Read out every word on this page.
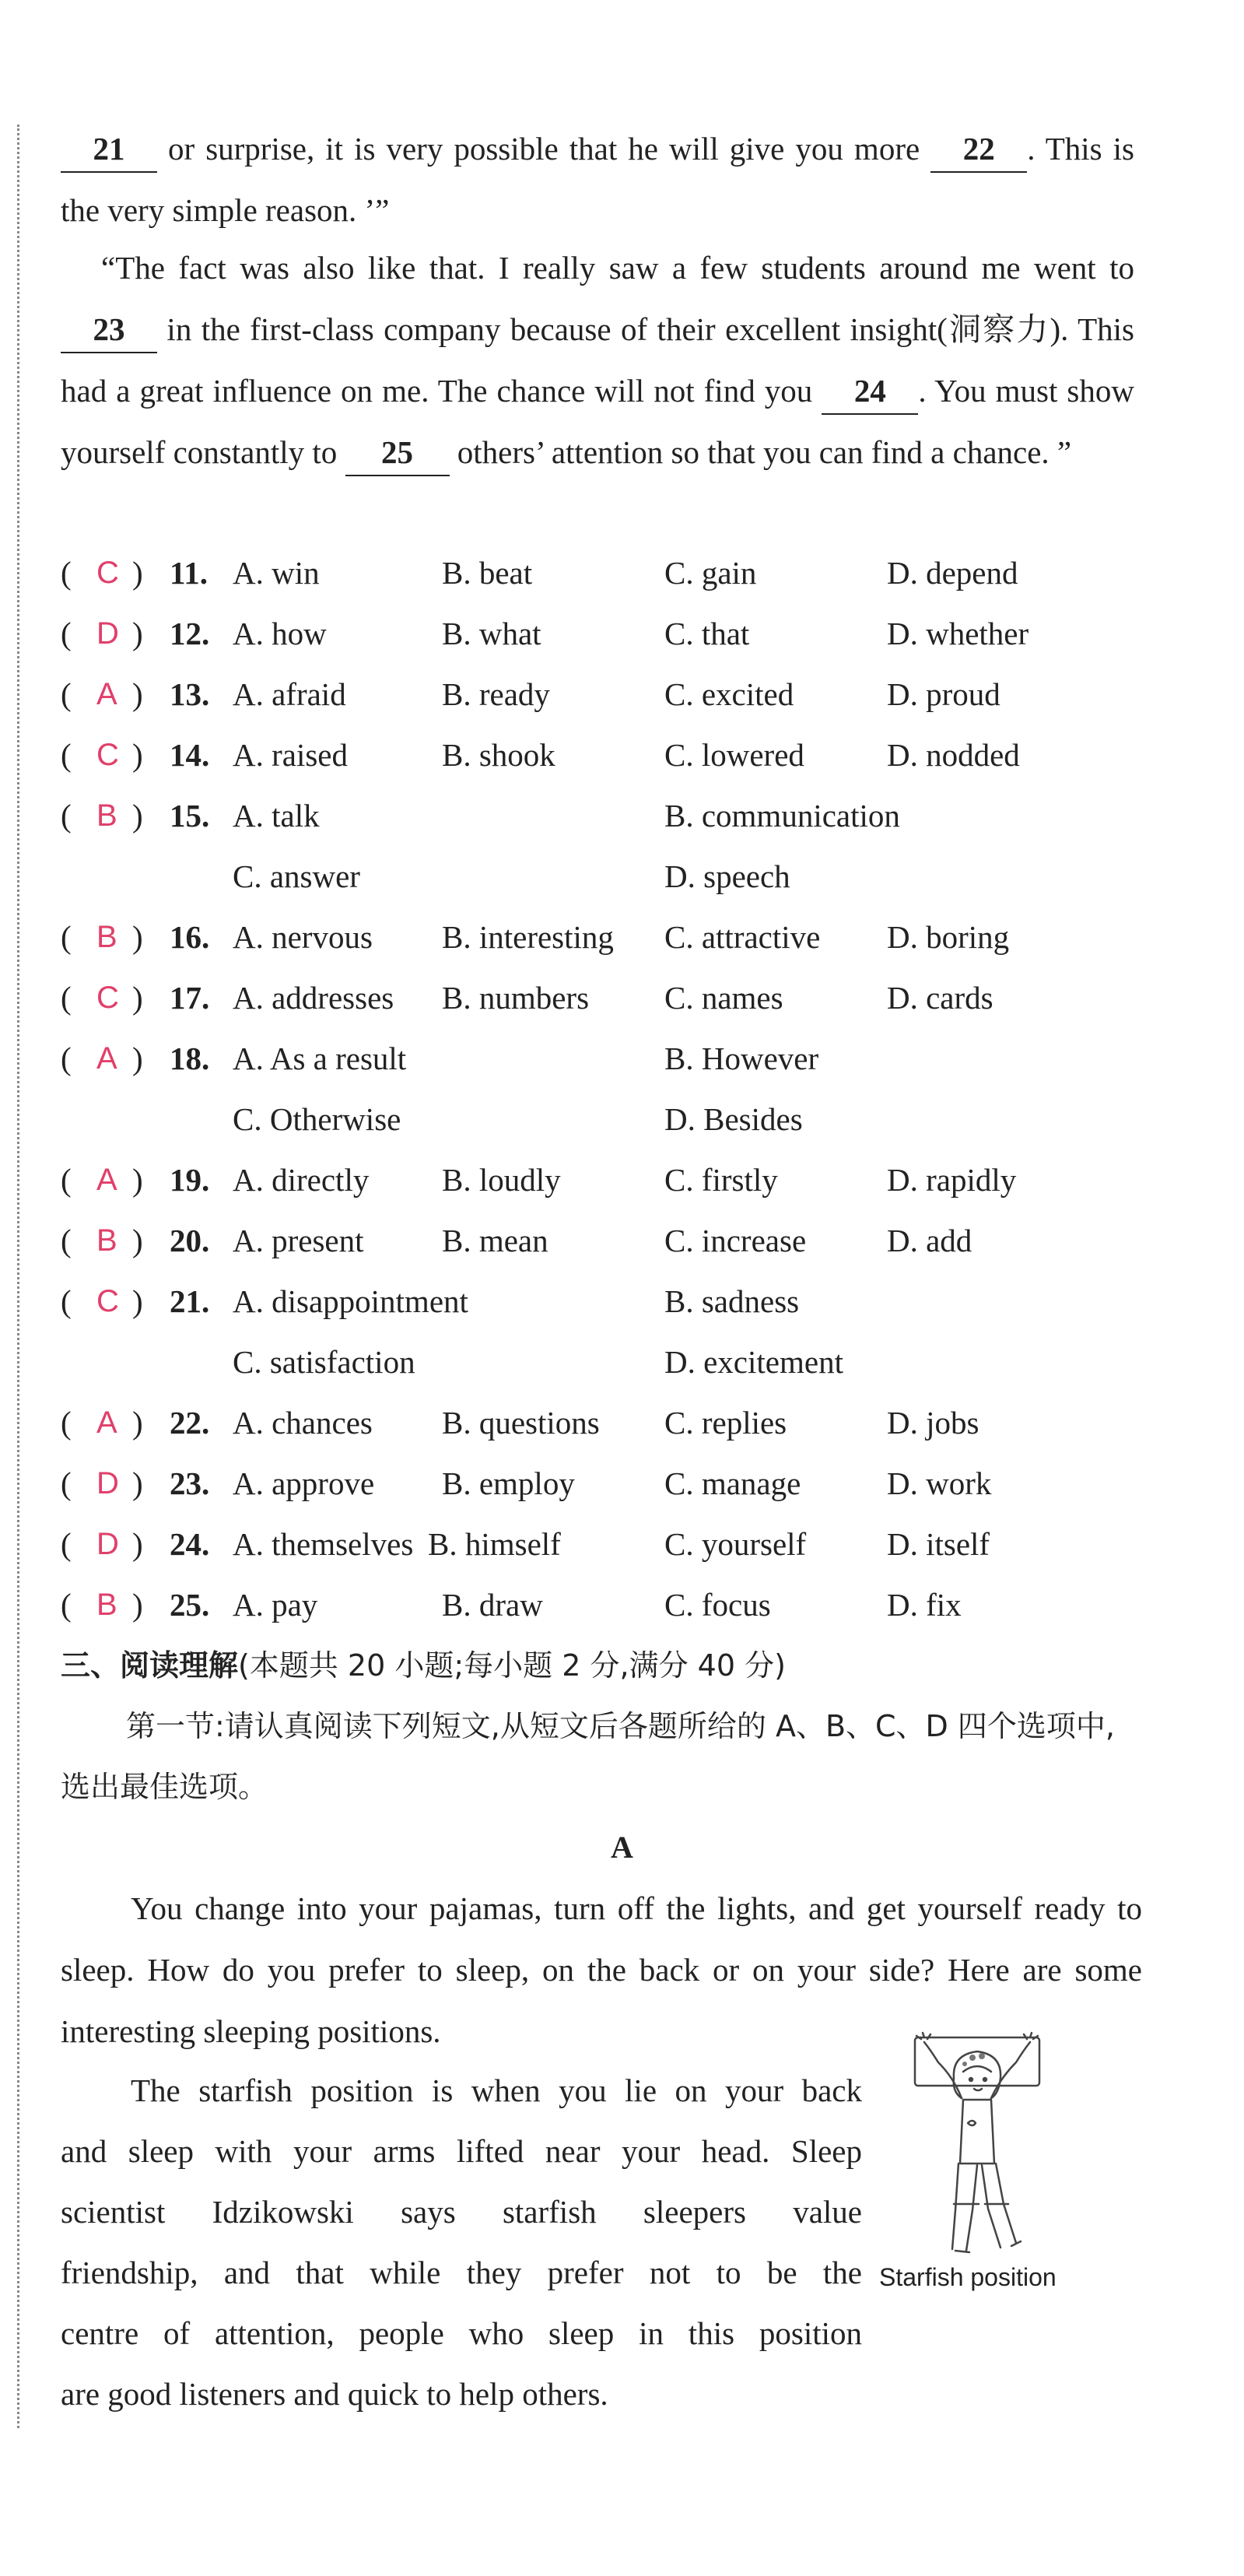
21 or surprise, it is very possible that he will give you more 22 . This is the very simple reason. ’”
“The fact was also like that. I really saw a few students around me went to 23 in the first-class company because of their excellent insight(洞察力). This had a great influence on me. The chance will not find you 24 . You must show yourself constantly to 25 others’ attention so that you can find a chance. ”
( C ) 11. A. win	B. beat	C. gain	D. depend
( D ) 12. A. how	B. what	C. that	D. whether
( A ) 13. A. afraid	B. ready	C. excited	D. proud
( C ) 14. A. raised	B. shook	C. lowered	D. nodded
( B ) 15. A. talk	B. communication
C. answer	D. speech
( B ) 16. A. nervous B. interesting C. attractive D. boring
( C ) 17. A. addresses B. numbers C. names	D. cards
( A ) 18. A. As a result	B. However
C. Otherwise	D. Besides
( A ) 19. A. directly B. loudly	C. firstly	D. rapidly
( B ) 20. A. present B. mean	C. increase	D. add
( C ) 21. A. disappointment	B. sadness
C. satisfaction	D. excitement
( A ) 22. A. chances B. questions C. replies	D. jobs
( D ) 23. A. approve B. employ	C. manage	D. work
( D ) 24. A. themselves B. himself	C. yourself	D. itself
( B ) 25. A. pay	B. draw	C. focus	D. fix
三、阅读理解(本题共 20 小题;每小题 2 分,满分 40 分)
第一节:请认真阅读下列短文,从短文后各题所给的 A、B、C、D 四个选项中,选出最佳选项。
A
You change into your pajamas, turn off the lights, and get yourself ready to sleep. How do you prefer to sleep, on the back or on your side? Here are some interesting sleeping positions.
The starfish position is when you lie on your back
and sleep with your arms lifted near your head. Sleep
scientist Idzikowski says starfish sleepers value
friendship, and that while they prefer not to be the
centre of attention, people who sleep in this position
are good listeners and quick to help others.
Starfish position
